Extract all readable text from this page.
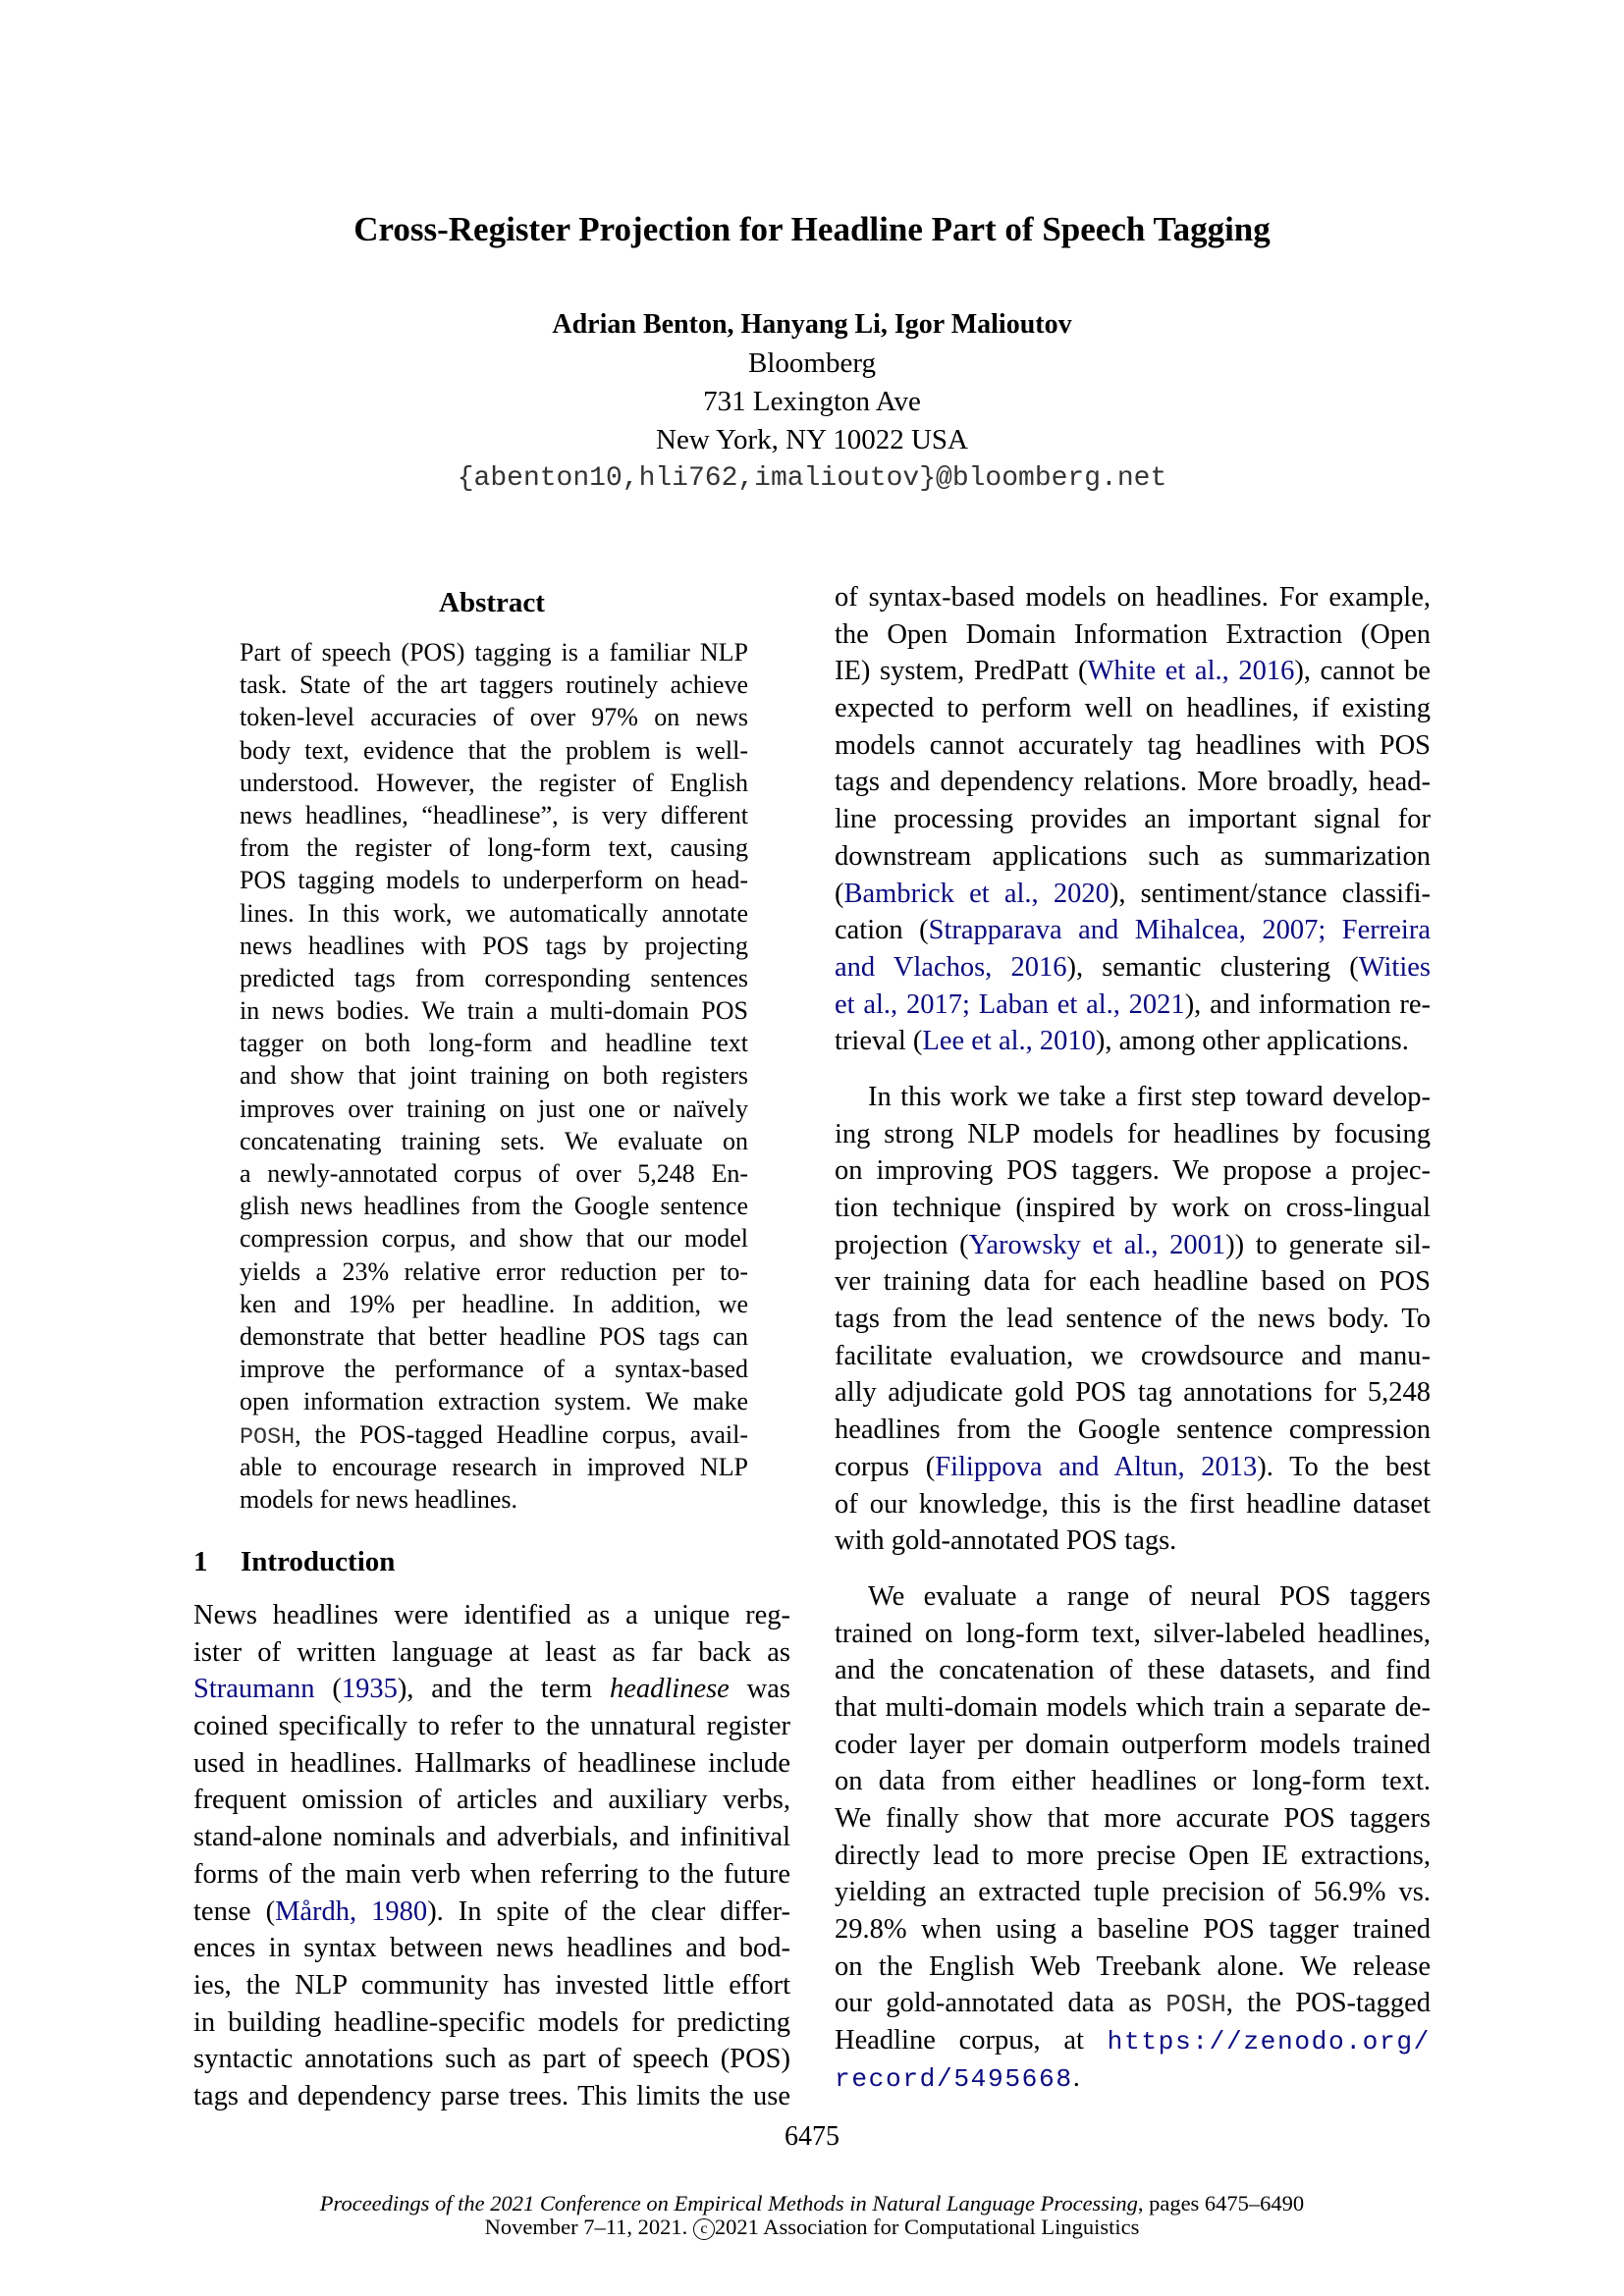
Cross-Register Projection for Headline Part of Speech Tagging
Adrian Benton, Hanyang Li, Igor Malioutov
Bloomberg
731 Lexington Ave
New York, NY 10022 USA
{abenton10,hli762,imalioutov}@bloomberg.net
Abstract
Part of speech (POS) tagging is a familiar NLP
task. State of the art taggers routinely achieve
token-level accuracies of over 97% on news
body text, evidence that the problem is well-
understood. However, the register of English
news headlines, “headlinese”, is very different
from the register of long-form text, causing
POS tagging models to underperform on head-
lines. In this work, we automatically annotate
news headlines with POS tags by projecting
predicted tags from corresponding sentences
in news bodies. We train a multi-domain POS
tagger on both long-form and headline text
and show that joint training on both registers
improves over training on just one or naïvely
concatenating training sets. We evaluate on
a newly-annotated corpus of over 5,248 En-
glish news headlines from the Google sentence
compression corpus, and show that our model
yields a 23% relative error reduction per to-
ken and 19% per headline. In addition, we
demonstrate that better headline POS tags can
improve the performance of a syntax-based
open information extraction system. We make
POSH, the POS-tagged Headline corpus, avail-
able to encourage research in improved NLP
models for news headlines.
1 Introduction
News headlines were identified as a unique reg-
ister of written language at least as far back as
Straumann (1935), and the term headlinese was
coined specifically to refer to the unnatural register
used in headlines. Hallmarks of headlinese include
frequent omission of articles and auxiliary verbs,
stand-alone nominals and adverbials, and infinitival
forms of the main verb when referring to the future
tense (Mårdh, 1980). In spite of the clear differ-
ences in syntax between news headlines and bod-
ies, the NLP community has invested little effort
in building headline-specific models for predicting
syntactic annotations such as part of speech (POS)
tags and dependency parse trees. This limits the use
of syntax-based models on headlines. For example,
the Open Domain Information Extraction (Open
IE) system, PredPatt (White et al., 2016), cannot be
expected to perform well on headlines, if existing
models cannot accurately tag headlines with POS
tags and dependency relations. More broadly, head-
line processing provides an important signal for
downstream applications such as summarization
(Bambrick et al., 2020), sentiment/stance classifi-
cation (Strapparava and Mihalcea, 2007; Ferreira
and Vlachos, 2016), semantic clustering (Wities
et al., 2017; Laban et al., 2021), and information re-
trieval (Lee et al., 2010), among other applications.
In this work we take a first step toward develop-
ing strong NLP models for headlines by focusing
on improving POS taggers. We propose a projec-
tion technique (inspired by work on cross-lingual
projection (Yarowsky et al., 2001)) to generate sil-
ver training data for each headline based on POS
tags from the lead sentence of the news body. To
facilitate evaluation, we crowdsource and manu-
ally adjudicate gold POS tag annotations for 5,248
headlines from the Google sentence compression
corpus (Filippova and Altun, 2013). To the best
of our knowledge, this is the first headline dataset
with gold-annotated POS tags.
We evaluate a range of neural POS taggers
trained on long-form text, silver-labeled headlines,
and the concatenation of these datasets, and find
that multi-domain models which train a separate de-
coder layer per domain outperform models trained
on data from either headlines or long-form text.
We finally show that more accurate POS taggers
directly lead to more precise Open IE extractions,
yielding an extracted tuple precision of 56.9% vs.
29.8% when using a baseline POS tagger trained
on the English Web Treebank alone. We release
our gold-annotated data as POSH, the POS-tagged
Headline corpus, at https://zenodo.org/
record/5495668.
6475
Proceedings of the 2021 Conference on Empirical Methods in Natural Language Processing, pages 6475–6490
November 7–11, 2021. c 2021 Association for Computational Linguistics
